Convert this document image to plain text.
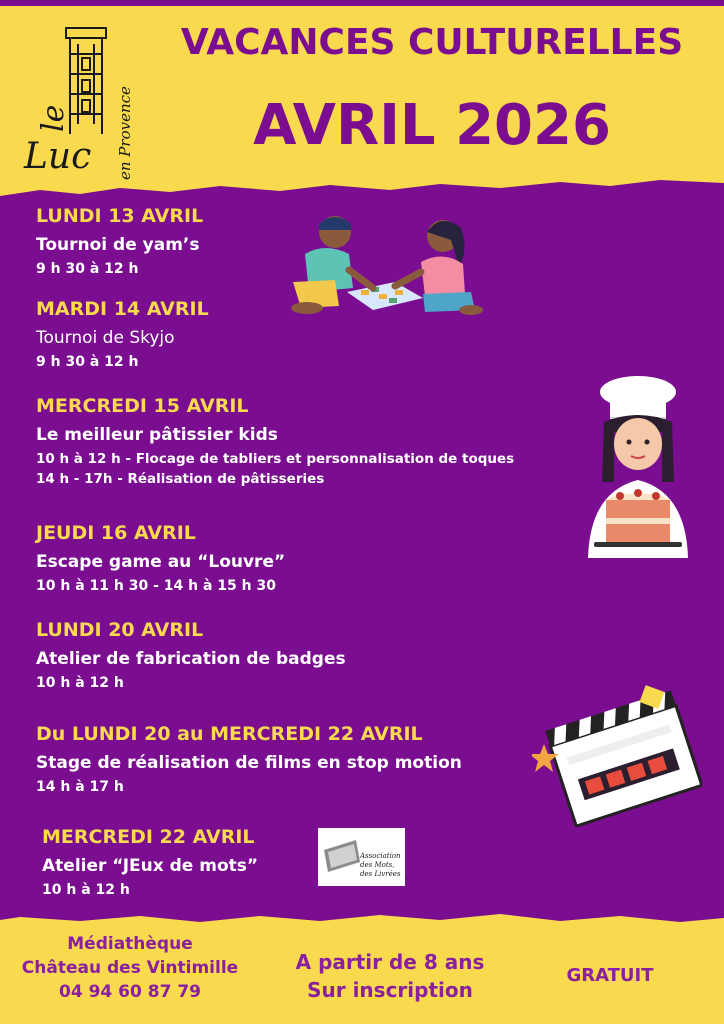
le
Luc en Provence
VACANCES CULTURELLES
AVRIL 2026
LUNDI 13 AVRIL
Tournoi de yam’s
9 h 30 à 12 h
MARDI 14 AVRIL
Tournoi de Skyjo
9 h 30 à 12 h
MERCREDI 15 AVRIL
Le meilleur pâtissier kids
10 h à 12 h - Flocage de tabliers et personnalisation de toques
14 h - 17h - Réalisation de pâtisseries
JEUDI 16 AVRIL
Escape game au “Louvre”
10 h à 11 h 30 - 14 h à 15 h 30
LUNDI 20 AVRIL
Atelier de fabrication de badges
10 h à 12 h
Du LUNDI 20 au MERCREDI 22 AVRIL
Stage de réalisation de films en stop motion
14 h à 17 h
MERCREDI 22 AVRIL
Atelier “JEux de mots”
10 h à 12 h
Association
des Mots,
des Livrées
Médiathèque
Château des Vintimille
04 94 60 87 79
A partir de 8 ans
Sur inscription
GRATUIT
